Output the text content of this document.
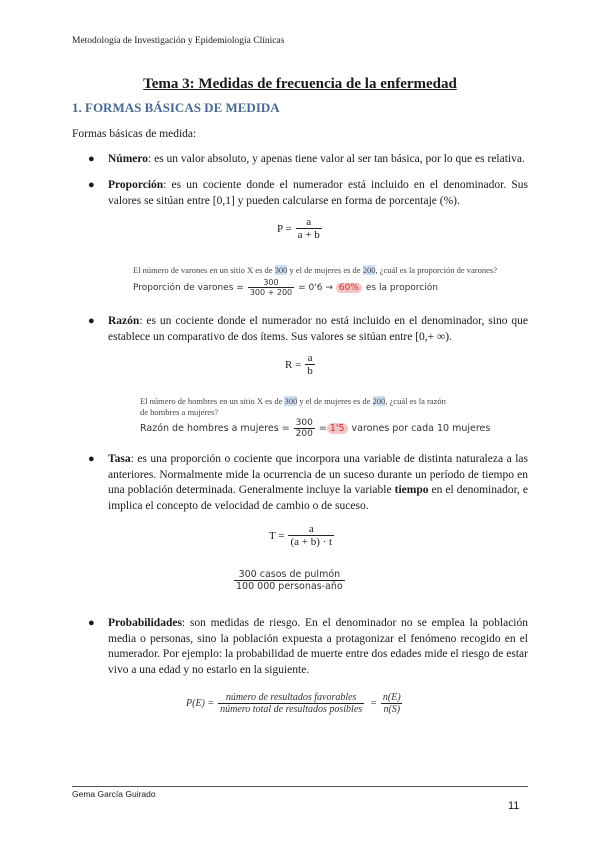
Metodología de Investigación y Epidemiología Clínicas
Tema 3: Medidas de frecuencia de la enfermedad
1. FORMAS BÁSICAS DE MEDIDA
Formas básicas de medida:
● Número: es un valor absoluto, y apenas tiene valor al ser tan básica, por lo que es relativa.
● Proporción: es un cociente donde el numerador está incluido en el denominador. Sus valores se sitúan entre [0,1] y pueden calcularse en forma de porcentaje (%).
$P = \frac{a}{a + b}$
El número de varones en un sitio X es de 300 y el de mujeres es de 200, ¿cuál es la proporción de varones?
Proporción de varones = $\frac{300}{300 + 200} = 0'6 \to 60\%$ es la proporción
● Razón: es un cociente donde el numerador no está incluido en el denominador, sino que establece un comparativo de dos ítems. Sus valores se sitúan entre [0,+ ∞).
$R = \frac{a}{b}$
El número de hombres en un sitio X es de 300 y el de mujeres es de 200, ¿cuál es la razón de hombres a mujeres?
Razón de hombres a mujeres = $\frac{300}{200} = 1'5$ varones por cada 10 mujeres
● Tasa: es una proporción o cociente que incorpora una variable de distinta naturaleza a las anteriores. Normalmente mide la ocurrencia de un suceso durante un período de tiempo en una población determinada. Generalmente incluye la variable tiempo en el denominador, e implica el concepto de velocidad de cambio o de suceso.
$T = \frac{a}{(a + b) \cdot t}$
$\frac{\text{300 casos de pulmón}}{\text{100 000 personas-año}}$
● Probabilidades: son medidas de riesgo. En el denominador no se emplea la población media o personas, sino la población expuesta a protagonizar el fenómeno recogido en el numerador. Por ejemplo: la probabilidad de muerte entre dos edades mide el riesgo de estar vivo a una edad y no estarlo en la siguiente.
$P(E) = \frac{\text{número de resultados favorables}}{\text{número total de resultados posibles}} = \frac{n(E)}{n(S)}$
Gema García Guirado
11
